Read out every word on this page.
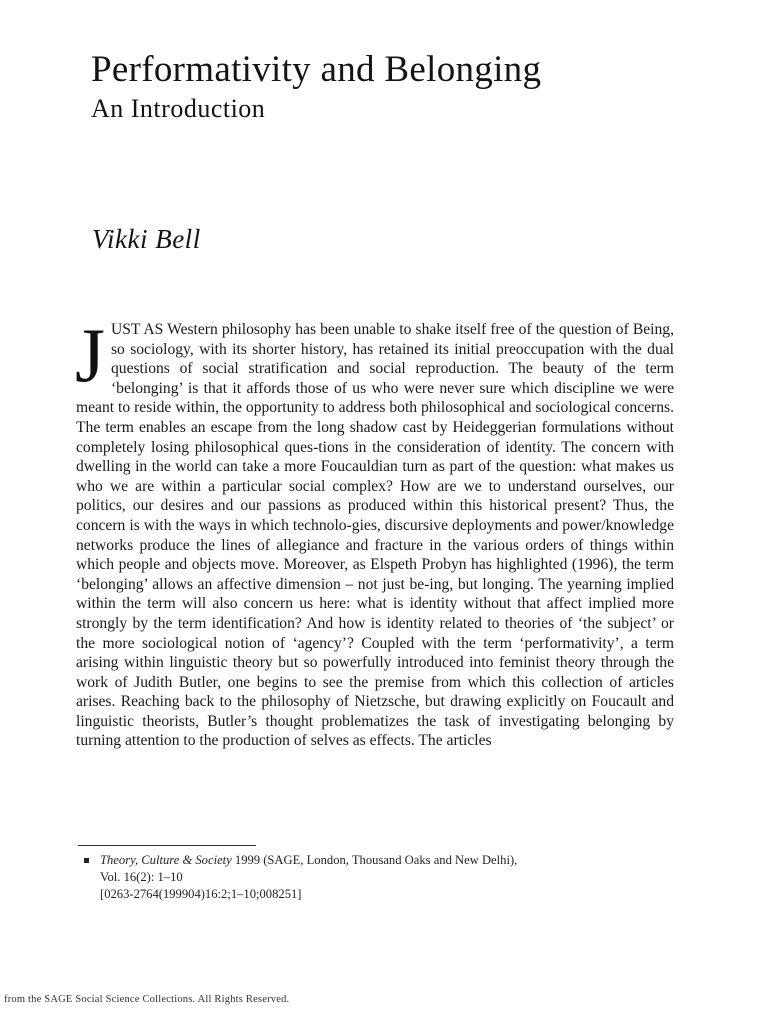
Performativity and Belonging
An Introduction
Vikki Bell

JUST AS Western philosophy has been unable to shake itself free of the question of Being, so sociology, with its shorter history, has retained its initial preoccupation with the dual questions of social stratification and social reproduction. The beauty of the term ‘belonging’ is that it affords those of us who were never sure which discipline we were meant to reside within, the opportunity to address both philosophical and sociological concerns. The term enables an escape from the long shadow cast by Heideggerian formulations without completely losing philosophical ques-tions in the consideration of identity. The concern with dwelling in the world can take a more Foucauldian turn as part of the question: what makes us who we are within a particular social complex? How are we to understand ourselves, our politics, our desires and our passions as produced within this historical present? Thus, the concern is with the ways in which technolo-gies, discursive deployments and power/knowledge networks produce the lines of allegiance and fracture in the various orders of things within which people and objects move. Moreover, as Elspeth Probyn has highlighted (1996), the term ‘belonging’ allows an affective dimension – not just be-ing, but longing. The yearning implied within the term will also concern us here: what is identity without that affect implied more strongly by the term identification? And how is identity related to theories of ‘the subject’ or the more sociological notion of ‘agency’? Coupled with the term ‘performativity’, a term arising within linguistic theory but so powerfully introduced into feminist theory through the work of Judith Butler, one begins to see the premise from which this collection of articles arises. Reaching back to the philosophy of Nietzsche, but drawing explicitly on Foucault and linguistic theorists, Butler’s thought problematizes the task of investigating belonging by turning attention to the production of selves as effects. The articles

Theory, Culture & Society 1999 (SAGE, London, Thousand Oaks and New Delhi),
Vol. 16(2): 1–10
[0263-2764(199904)16:2;1–10;008251]

from the SAGE Social Science Collections. All Rights Reserved.
